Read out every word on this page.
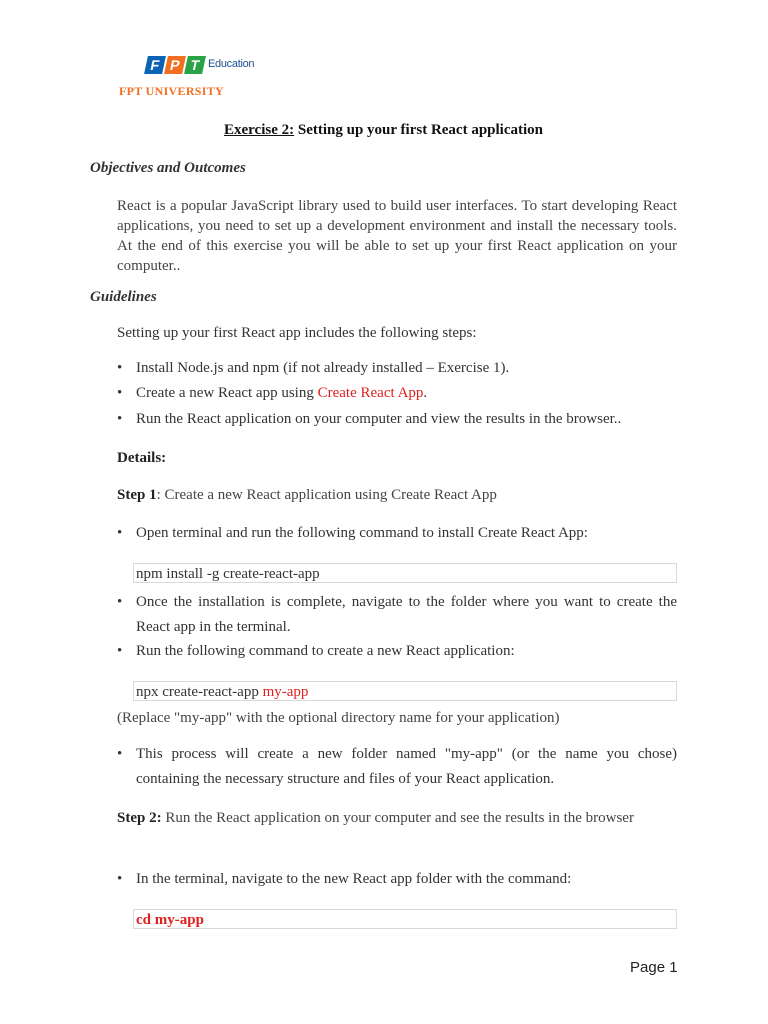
F P T Education
FPT UNIVERSITY
Exercise 2: Setting up your first React application
Objectives and Outcomes
React is a popular JavaScript library used to build user interfaces. To start developing React applications, you need to set up a development environment and install the necessary tools. At the end of this exercise you will be able to set up your first React application on your computer..
Guidelines
Setting up your first React app includes the following steps:
• Install Node.js and npm (if not already installed – Exercise 1).
• Create a new React app using Create React App.
• Run the React application on your computer and view the results in the browser..
Details:
Step 1: Create a new React application using Create React App
• Open terminal and run the following command to install Create React App:
npm install -g create-react-app
• Once the installation is complete, navigate to the folder where you want to create the React app in the terminal.
• Run the following command to create a new React application:
npx create-react-app my-app
(Replace "my-app" with the optional directory name for your application)
• This process will create a new folder named "my-app" (or the name you chose) containing the necessary structure and files of your React application.
Step 2: Run the React application on your computer and see the results in the browser
• In the terminal, navigate to the new React app folder with the command:
cd my-app
Page 1
